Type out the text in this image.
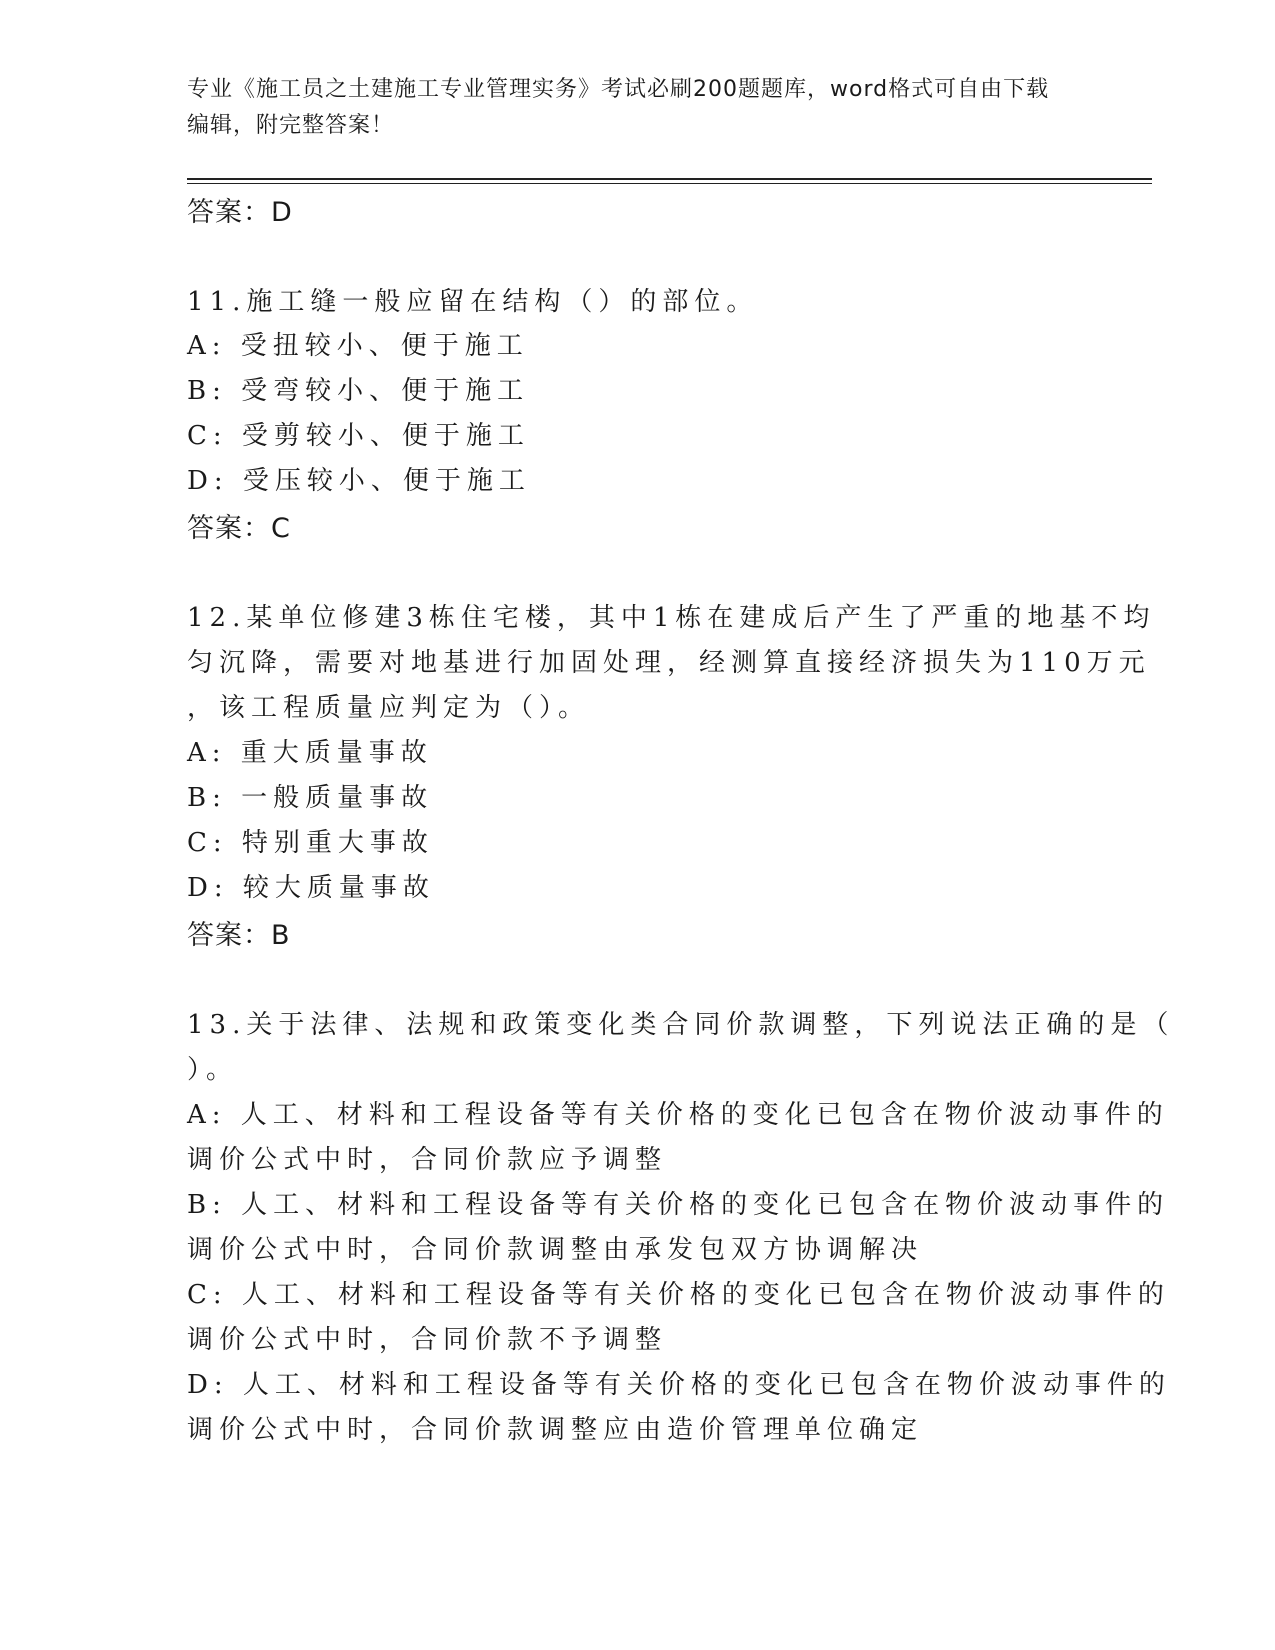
专业《施工员之土建施工专业管理实务》考试必刷200题题库，word格式可自由下载编辑，附完整答案！
答案：D
11.施工缝一般应留在结构（）的部位。
A: 受扭较小、便于施工
B: 受弯较小、便于施工
C: 受剪较小、便于施工
D: 受压较小、便于施工
答案：C
12.某单位修建3栋住宅楼，其中1栋在建成后产生了严重的地基不均
匀沉降，需要对地基进行加固处理，经测算直接经济损失为110万元
，该工程质量应判定为（）。
A: 重大质量事故
B: 一般质量事故
C: 特别重大事故
D: 较大质量事故
答案：B
13.关于法律、法规和政策变化类合同价款调整，下列说法正确的是（
）。
A: 人工、材料和工程设备等有关价格的变化已包含在物价波动事件的
调价公式中时，合同价款应予调整
B: 人工、材料和工程设备等有关价格的变化已包含在物价波动事件的
调价公式中时，合同价款调整由承发包双方协调解决
C: 人工、材料和工程设备等有关价格的变化已包含在物价波动事件的
调价公式中时，合同价款不予调整
D: 人工、材料和工程设备等有关价格的变化已包含在物价波动事件的
调价公式中时，合同价款调整应由造价管理单位确定
